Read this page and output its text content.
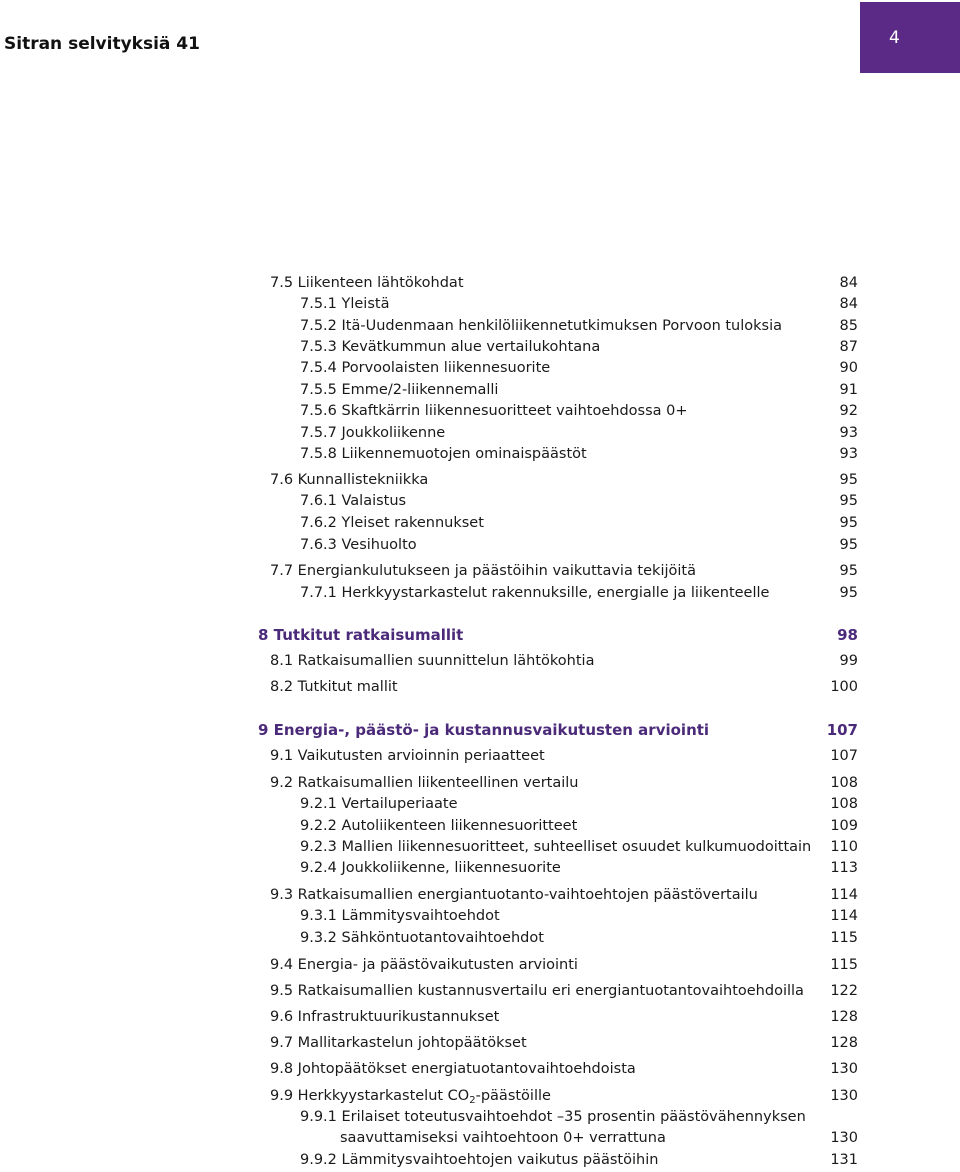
Sitran selvityksiä 41	4
7.5 Liikenteen lähtökohdat	84
7.5.1 Yleistä	84
7.5.2 Itä-Uudenmaan henkilöliikennetutkimuksen Porvoon tuloksia	85
7.5.3 Kevätkummun alue vertailukohtana	87
7.5.4 Porvoolaisten liikennesuorite	90
7.5.5 Emme/2-liikennemalli	91
7.5.6 Skaftkärrin liikennesuoritteet vaihtoehdossa 0+	92
7.5.7 Joukkoliikenne	93
7.5.8 Liikennemuotojen ominaispäästöt	93
7.6 Kunnallistekniikka	95
7.6.1 Valaistus	95
7.6.2 Yleiset rakennukset	95
7.6.3 Vesihuolto	95
7.7 Energiankulutukseen ja päästöihin vaikuttavia tekijöitä	95
7.7.1 Herkkyystarkastelut rakennuksille, energialle ja liikenteelle	95
8 Tutkitut ratkaisumallit	98
8.1 Ratkaisumallien suunnittelun lähtökohtia	99
8.2 Tutkitut mallit	100
9 Energia-, päästö- ja kustannusvaikutusten arviointi	107
9.1 Vaikutusten arvioinnin periaatteet	107
9.2 Ratkaisumallien liikenteellinen vertailu	108
9.2.1 Vertailuperiaate	108
9.2.2 Autoliikenteen liikennesuoritteet	109
9.2.3 Mallien liikennesuoritteet, suhteelliset osuudet kulkumuodoittain 110
9.2.4 Joukkoliikenne, liikennesuorite	113
9.3 Ratkaisumallien energiantuotanto-vaihtoehtojen päästövertailu	114
9.3.1 Lämmitysvaihtoehdot	114
9.3.2 Sähköntuotantovaihtoehdot	115
9.4 Energia- ja päästövaikutusten arviointi	115
9.5 Ratkaisumallien kustannusvertailu eri energiantuotantovaihtoehdoilla 122
9.6 Infrastruktuurikustannukset	128
9.7 Mallitarkastelun johtopäätökset	128
9.8 Johtopäätökset energiatuotantovaihtoehdoista	130
9.9 Herkkyystarkastelut $CO_2$-päästöille	130
9.9.1 Erilaiset toteutusvaihtoehdot –35 prosentin päästövähennyksen
saavuttamiseksi vaihtoehtoon 0+ verrattuna	130
9.9.2 Lämmitysvaihtoehtojen vaikutus päästöihin	131
